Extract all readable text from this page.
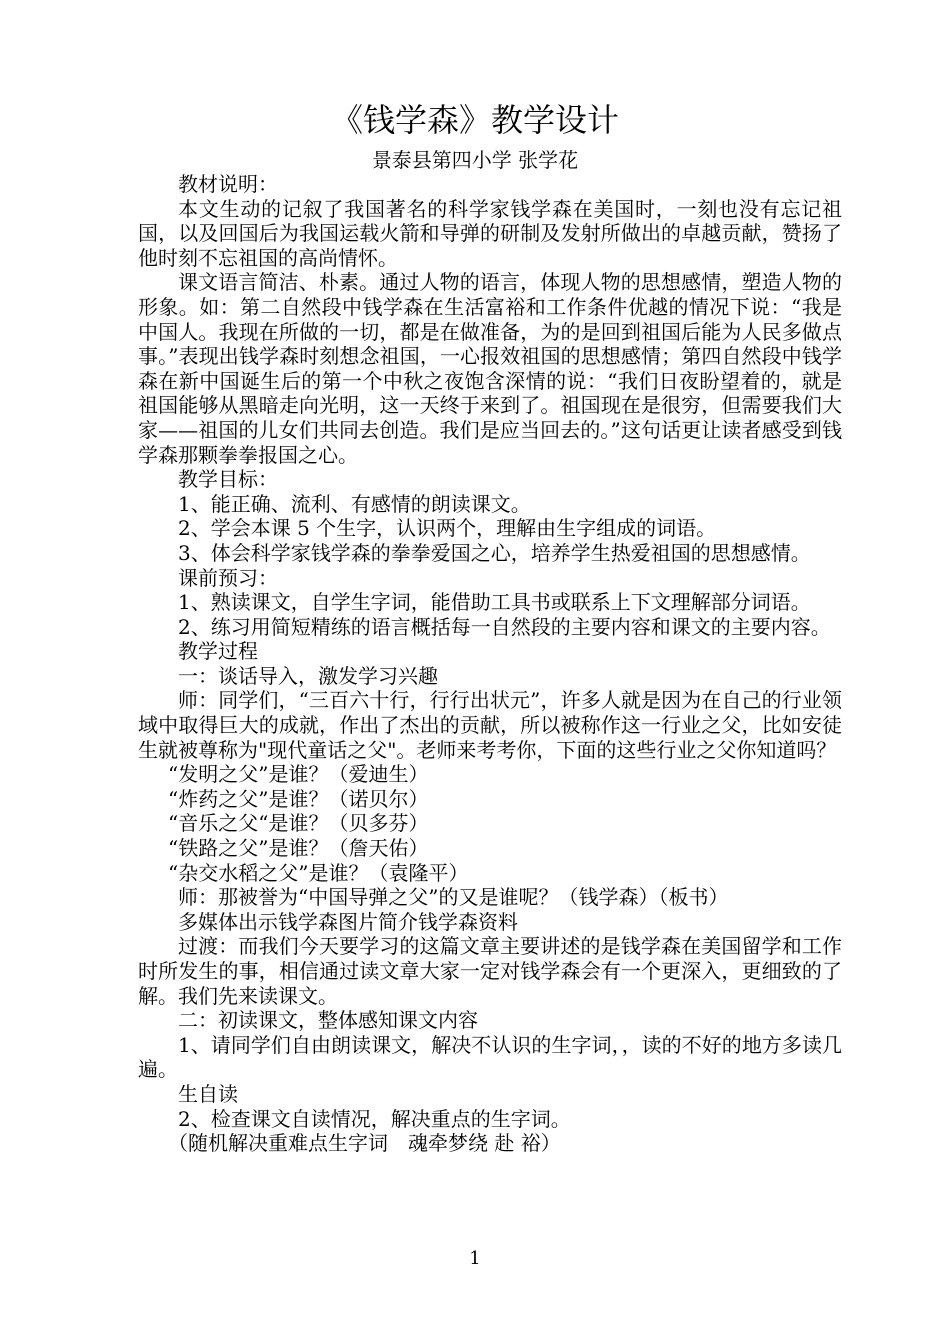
《钱学森》教学设计
景泰县第四小学 张学花

教材说明：

本文生动的记叙了我国著名的科学家钱学森在美国时，一刻也没有忘记祖国，以及回国后为我国运载火箭和导弹的研制及发射所做出的卓越贡献，赞扬了他时刻不忘祖国的高尚情怀。

课文语言简洁、朴素。通过人物的语言，体现人物的思想感情，塑造人物的形象。如：第二自然段中钱学森在生活富裕和工作条件优越的情况下说：“我是中国人。我现在所做的一切，都是在做准备，为的是回到祖国后能为人民多做点事。”表现出钱学森时刻想念祖国，一心报效祖国的思想感情；第四自然段中钱学森在新中国诞生后的第一个中秋之夜饱含深情的说：“我们日夜盼望着的，就是祖国能够从黑暗走向光明，这一天终于来到了。祖国现在是很穷，但需要我们大家——祖国的儿女们共同去创造。我们是应当回去的。”这句话更让读者感受到钱学森那颗拳拳报国之心。

教学目标：

1、能正确、流利、有感情的朗读课文。

2、学会本课 5 个生字，认识两个，理解由生字组成的词语。

3、体会科学家钱学森的拳拳爱国之心，培养学生热爱祖国的思想感情。

课前预习：

1、熟读课文，自学生字词，能借助工具书或联系上下文理解部分词语。

2、练习用简短精练的语言概括每一自然段的主要内容和课文的主要内容。

教学过程

一：谈话导入，激发学习兴趣

师：同学们，“三百六十行，行行出状元”，许多人就是因为在自己的行业领域中取得巨大的成就，作出了杰出的贡献，所以被称作这一行业之父，比如安徒生就被尊称为"现代童话之父"。老师来考考你，下面的这些行业之父你知道吗？

“发明之父”是谁？（爱迪生）

“炸药之父”是谁？（诺贝尔）

“音乐之父“是谁？（贝多芬）

“铁路之父”是谁？（詹天佑）

“杂交水稻之父”是谁？（袁隆平）

师：那被誉为“中国导弹之父”的又是谁呢？（钱学森）（板书）

多媒体出示钱学森图片简介钱学森资料

过渡：而我们今天要学习的这篇文章主要讲述的是钱学森在美国留学和工作时所发生的事，相信通过读文章大家一定对钱学森会有一个更深入，更细致的了解。我们先来读课文。

二：初读课文，整体感知课文内容

1、请同学们自由朗读课文，解决不认识的生字词，，读的不好的地方多读几遍。

生自读

2、检查课文自读情况，解决重点的生字词。

（随机解决重难点生字词　魂牵梦绕 赴 裕）

1
